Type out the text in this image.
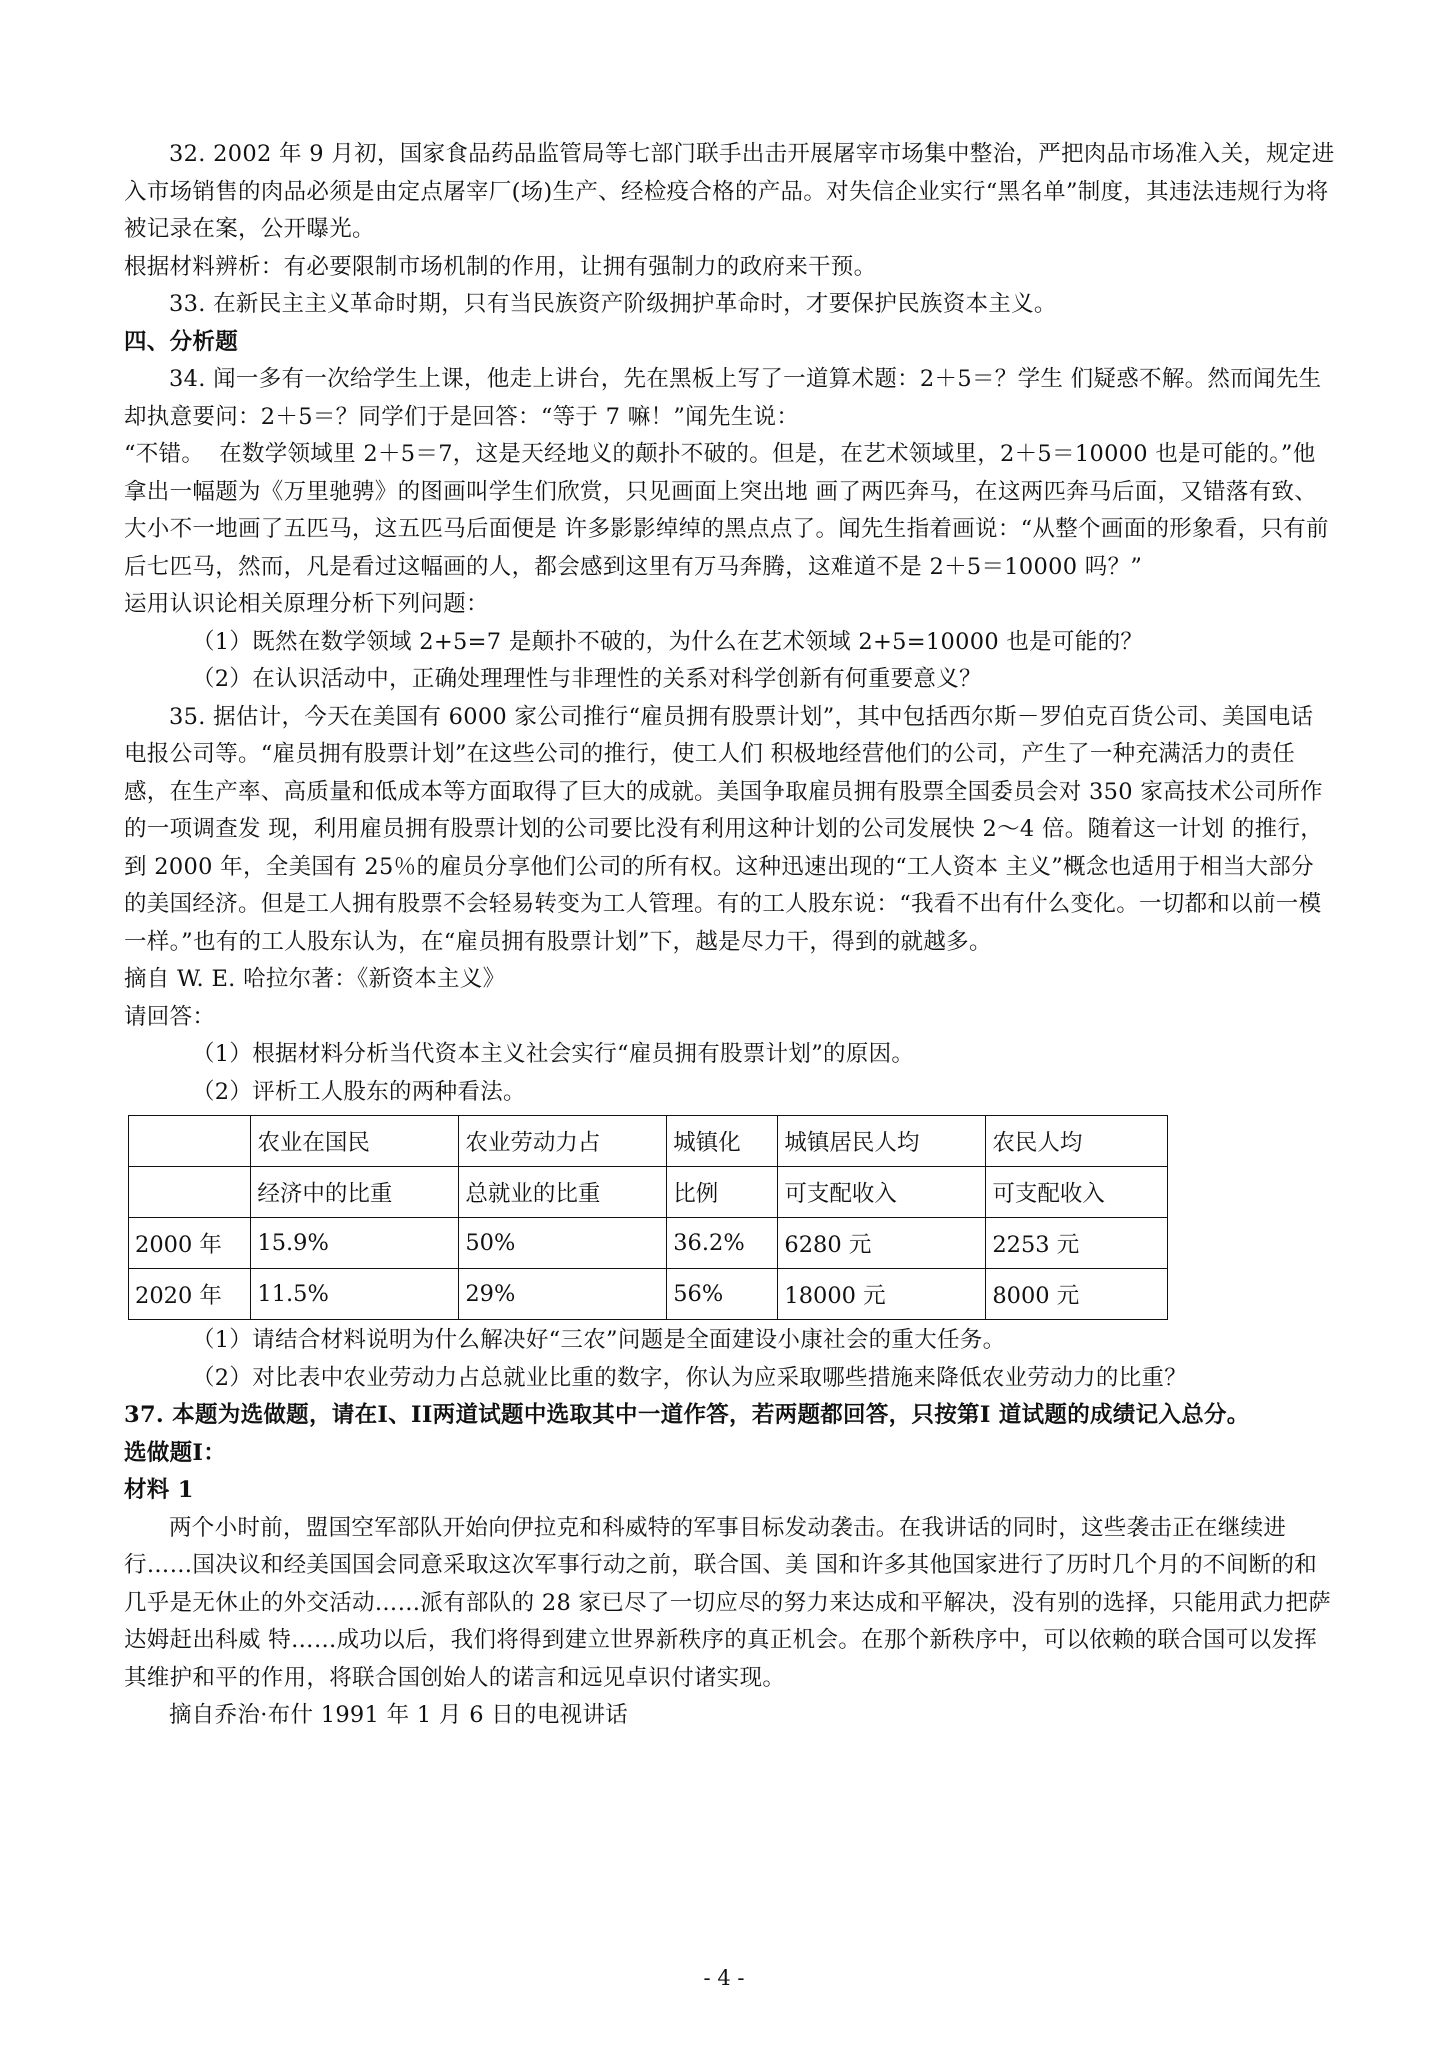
32. 2002 年 9 月初，国家食品药品监管局等七部门联手出击开展屠宰市场集中整治，严把肉品市场准入关，规定进入市场销售的肉品必须是由定点屠宰厂(场)生产、经检疫合格的产品。对失信企业实行“黑名单”制度，其违法违规行为将被记录在案，公开曝光。

根据材料辨析：有必要限制市场机制的作用，让拥有强制力的政府来干预。

33. 在新民主主义革命时期，只有当民族资产阶级拥护革命时，才要保护民族资本主义。

四、分析题

34. 闻一多有一次给学生上课，他走上讲台，先在黑板上写了一道算术题：2＋5＝？学生 们疑惑不解。然而闻先生却执意要问：2＋5＝？同学们于是回答：“等于 7 嘛！”闻先生说：

“不错。  在数学领域里 2＋5＝7，这是天经地义的颠扑不破的。但是，在艺术领域里，2＋5＝10000 也是可能的。”他拿出一幅题为《万里驰骋》的图画叫学生们欣赏，只见画面上突出地 画了两匹奔马，在这两匹奔马后面，又错落有致、大小不一地画了五匹马，这五匹马后面便是 许多影影绰绰的黑点点了。闻先生指着画说：“从整个画面的形象看，只有前后七匹马，然而，凡是看过这幅画的人，都会感到这里有万马奔腾，这难道不是 2＋5＝10000 吗？”

运用认识论相关原理分析下列问题：

（1）既然在数学领域 2+5=7 是颠扑不破的，为什么在艺术领域 2+5=10000 也是可能的？

（2）在认识活动中，正确处理理性与非理性的关系对科学创新有何重要意义？

35. 据估计，今天在美国有 6000 家公司推行“雇员拥有股票计划”，其中包括西尔斯－罗伯克百货公司、美国电话电报公司等。“雇员拥有股票计划”在这些公司的推行，使工人们 积极地经营他们的公司，产生了一种充满活力的责任感，在生产率、高质量和低成本等方面取得了巨大的成就。美国争取雇员拥有股票全国委员会对 350 家高技术公司所作的一项调查发 现，利用雇员拥有股票计划的公司要比没有利用这种计划的公司发展快 2～4 倍。随着这一计划 的推行，到 2000 年，全美国有 25％的雇员分享他们公司的所有权。这种迅速出现的“工人资本 主义”概念也适用于相当大部分的美国经济。但是工人拥有股票不会轻易转变为工人管理。有的工人股东说：“我看不出有什么变化。一切都和以前一模一样。”也有的工人股东认为，在“雇员拥有股票计划”下，越是尽力干，得到的就越多。

摘自 W. E. 哈拉尔著：《新资本主义》

请回答：

（1）根据材料分析当代资本主义社会实行“雇员拥有股票计划”的原因。

（2）评析工人股东的两种看法。

	农业在国民	农业劳动力占	城镇化	城镇居民人均	农民人均
	经济中的比重	总就业的比重	比例	可支配收入	可支配收入
2000 年	15.9%	50%	36.2%	6280 元	2253 元
2020 年	11.5%	29%	56%	18000 元	8000 元

（1）请结合材料说明为什么解决好“三农”问题是全面建设小康社会的重大任务。

（2）对比表中农业劳动力占总就业比重的数字，你认为应采取哪些措施来降低农业劳动力的比重？

37. 本题为选做题，请在I、II两道试题中选取其中一道作答，若两题都回答，只按第I 道试题的成绩记入总分。

选做题I：

材料 1

两个小时前，盟国空军部队开始向伊拉克和科威特的军事目标发动袭击。在我讲话的同时，这些袭击正在继续进行……国决议和经美国国会同意采取这次军事行动之前，联合国、美 国和许多其他国家进行了历时几个月的不间断的和几乎是无休止的外交活动……派有部队的 28 家已尽了一切应尽的努力来达成和平解决，没有别的选择，只能用武力把萨达姆赶出科威 特……成功以后，我们将得到建立世界新秩序的真正机会。在那个新秩序中，可以依赖的联合国可以发挥其维护和平的作用，将联合国创始人的诺言和远见卓识付诸实现。

摘自乔治·布什 1991 年 1 月 6 日的电视讲话

- 4 -
